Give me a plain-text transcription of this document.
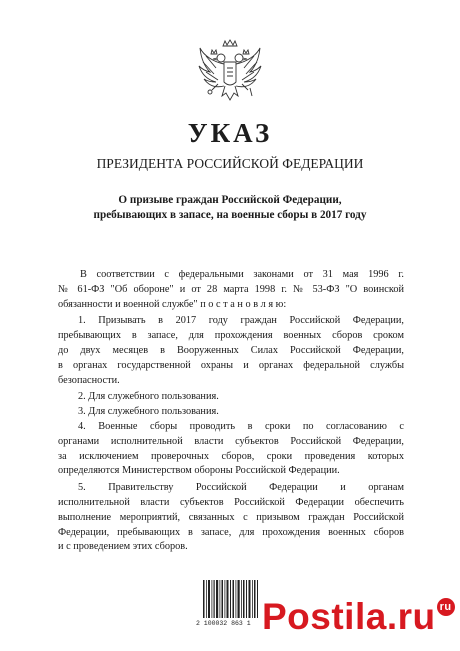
УКАЗ
ПРЕЗИДЕНТА РОССИЙСКОЙ ФЕДЕРАЦИИ
О призыве граждан Российской Федерации,
пребывающих в запасе, на военные сборы в 2017 году
В соответствии с федеральными законами от 31 мая 1996 г.
№ 61-ФЗ "Об обороне" и от 28 марта 1998 г. № 53-ФЗ "О воинской
обязанности и военной службе" п о с т а н о в л я ю:
1. Призывать в 2017 году граждан Российской Федерации,
пребывающих в запасе, для прохождения военных сборов сроком
до двух месяцев в Вооруженных Силах Российской Федерации,
в органах государственной охраны и органах федеральной службы
безопасности.
2. Для служебного пользования.
3. Для служебного пользования.
4. Военные сборы проводить в сроки по согласованию с
органами исполнительной власти субъектов Российской Федерации,
за исключением проверочных сборов, сроки проведения которых
определяются Министерством обороны Российской Федерации.
5. Правительству Российской Федерации и органам
исполнительной власти субъектов Российской Федерации обеспечить
выполнение мероприятий, связанных с призывом граждан Российской
Федерации, пребывающих в запасе, для прохождения военных сборов
и с проведением этих сборов.
2 100032 863 1 Postila.ru ru
